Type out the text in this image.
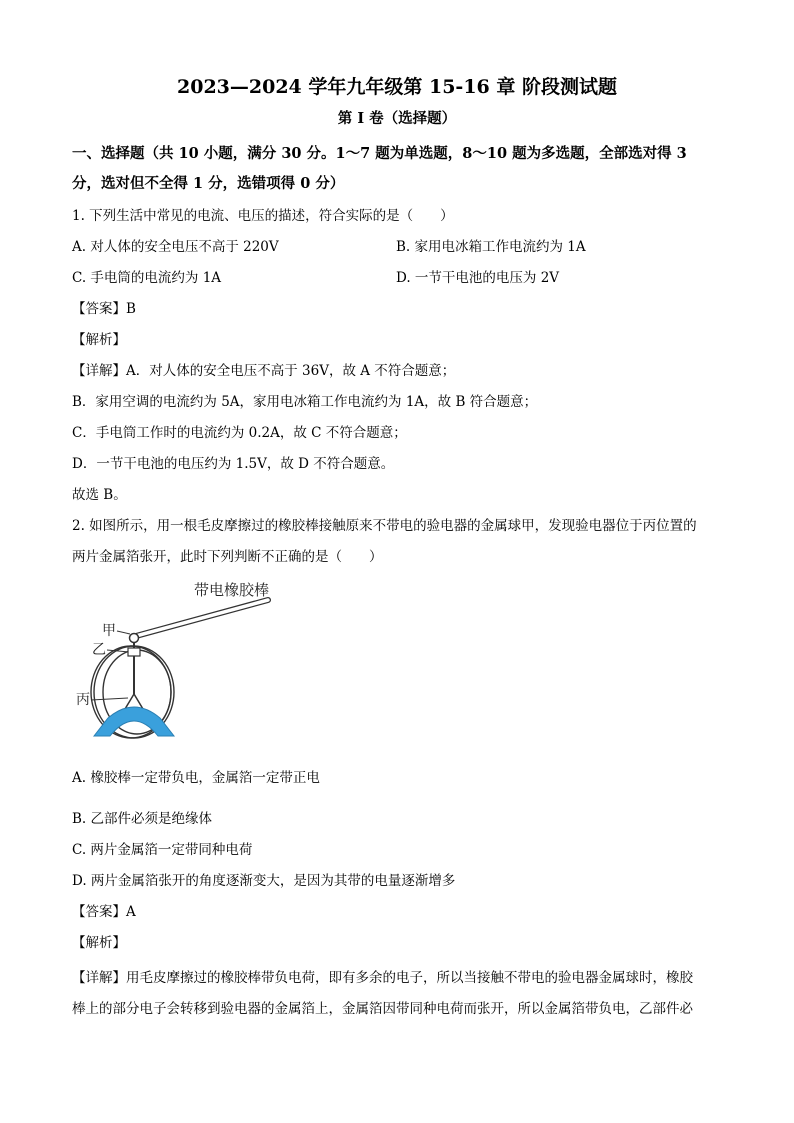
2023—2024 学年九年级第 15-16 章 阶段测试题
第 I 卷（选择题）
一、选择题（共 10 小题，满分 30 分。1～7 题为单选题，8～10 题为多选题，全部选对得 3
分，选对但不全得 1 分，选错项得 0 分）
1. 下列生活中常见的电流、电压的描述，符合实际的是（　　）
A. 对人体的安全电压不高于 220V	B. 家用电冰箱工作电流约为 1A
C. 手电筒的电流约为 1A	D. 一节干电池的电压为 2V
【答案】B
【解析】
【详解】A．对人体的安全电压不高于 36V，故 A 不符合题意；
B．家用空调的电流约为 5A，家用电冰箱工作电流约为 1A，故 B 符合题意；
C．手电筒工作时的电流约为 0.2A，故 C 不符合题意；
D．一节干电池的电压约为 1.5V，故 D 不符合题意。
故选 B。
2. 如图所示，用一根毛皮摩擦过的橡胶棒接触原来不带电的验电器的金属球甲，发现验电器位于丙位置的
两片金属箔张开，此时下列判断不正确的是（　　）
带电橡胶棒
甲
乙
丙
A. 橡胶棒一定带负电，金属箔一定带正电
B. 乙部件必须是绝缘体
C. 两片金属箔一定带同种电荷
D. 两片金属箔张开的角度逐渐变大，是因为其带的电量逐渐增多
【答案】A
【解析】
【详解】用毛皮摩擦过的橡胶棒带负电荷，即有多余的电子，所以当接触不带电的验电器金属球时，橡胶
棒上的部分电子会转移到验电器的金属箔上，金属箔因带同种电荷而张开，所以金属箔带负电，乙部件必
